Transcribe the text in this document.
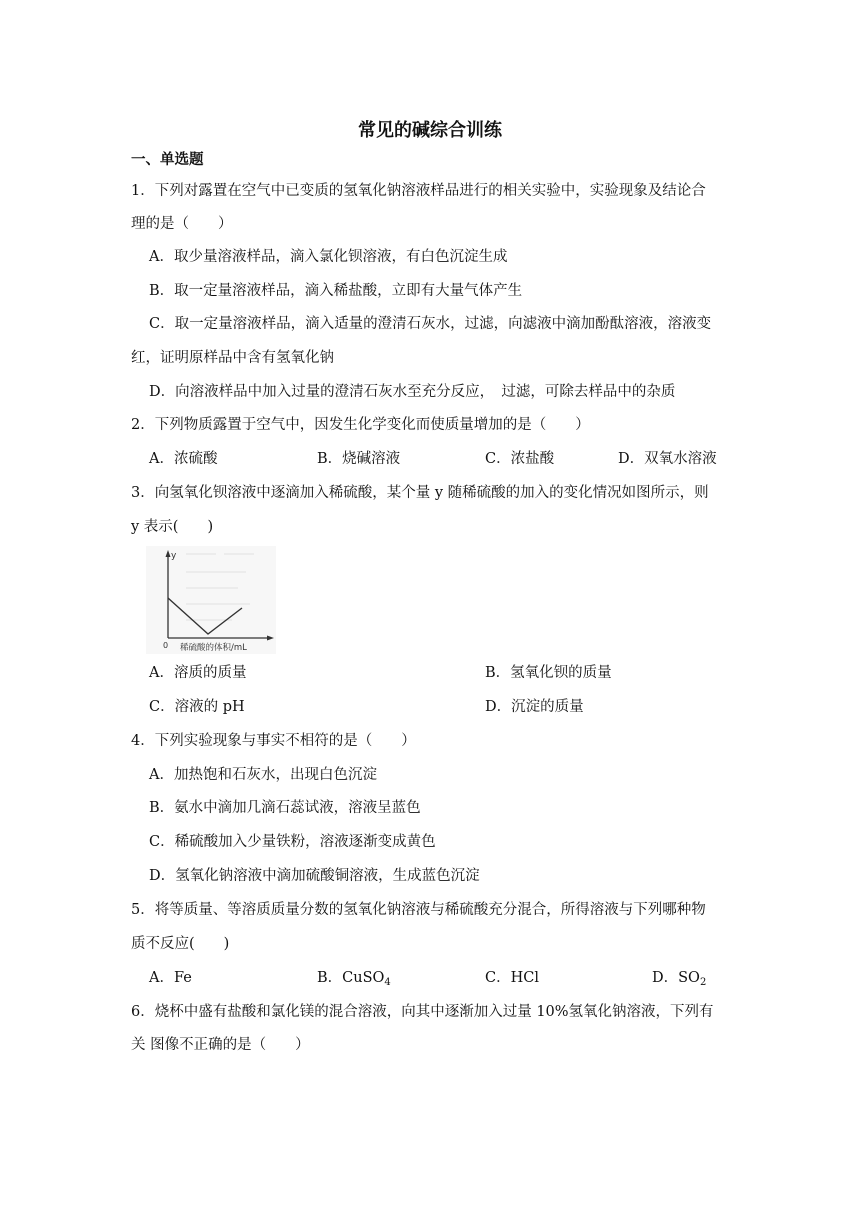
常见的碱综合训练
一、单选题
1．下列对露置在空气中已变质的氢氧化钠溶液样品进行的相关实验中，实验现象及结论合
理的是（　　）
A．取少量溶液样品，滴入氯化钡溶液，有白色沉淀生成
B．取一定量溶液样品，滴入稀盐酸，立即有大量气体产生
C．取一定量溶液样品，滴入适量的澄清石灰水，过滤，向滤液中滴加酚酞溶液，溶液变
红，证明原样品中含有氢氧化钠
D．向溶液样品中加入过量的澄清石灰水至充分反应，　过滤，可除去样品中的杂质
2．下列物质露置于空气中，因发生化学变化而使质量增加的是（　　）
A．浓硫酸	B．烧碱溶液	C．浓盐酸	D．双氧水溶液
3．向氢氧化钡溶液中逐滴加入稀硫酸，某个量 y 随稀硫酸的加入的变化情况如图所示，则
y 表示(　　)
y
0 稀硫酸的体积/mL
A．溶质的质量	B．氢氧化钡的质量
C．溶液的 pH	D．沉淀的质量
4．下列实验现象与事实不相符的是（　　）
A．加热饱和石灰水，出现白色沉淀
B．氨水中滴加几滴石蕊试液，溶液呈蓝色
C．稀硫酸加入少量铁粉，溶液逐渐变成黄色
D．氢氧化钠溶液中滴加硫酸铜溶液，生成蓝色沉淀
5．将等质量、等溶质质量分数的氢氧化钠溶液与稀硫酸充分混合，所得溶液与下列哪种物
质不反应(　　)
A．Fe	B．CuSO$_4$	C．HCl	D．$SO_2$
6．烧杯中盛有盐酸和氯化镁的混合溶液，向其中逐渐加入过量 10%氢氧化钠溶液，下列有
关 图像不正确的是（　　）
